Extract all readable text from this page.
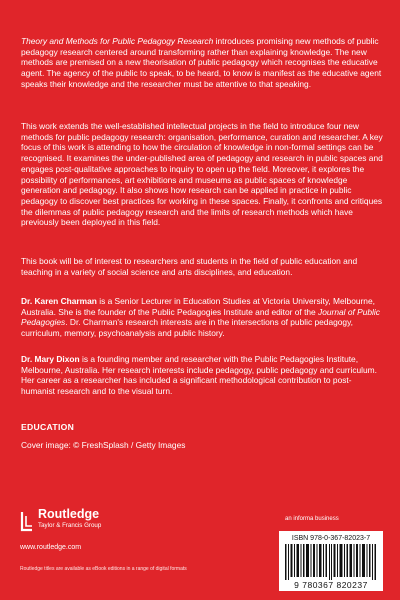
Theory and Methods for Public Pedagogy Research introduces promising new methods of public pedagogy research centered around transforming rather than explaining knowledge. The new methods are premised on a new theorisation of public pedagogy which recognises the educative agent. The agency of the public to speak, to be heard, to know is manifest as the educative agent speaks their knowledge and the researcher must be attentive to that speaking.

This work extends the well-established intellectual projects in the field to introduce four new methods for public pedagogy research: organisation, performance, curation and researcher. A key focus of this work is attending to how the circulation of knowledge in non-formal settings can be recognised. It examines the under-published area of pedagogy and research in public spaces and engages post-qualitative approaches to inquiry to open up the field. Moreover, it explores the possibility of performances, art exhibitions and museums as public spaces of knowledge generation and pedagogy. It also shows how research can be applied in practice in public pedagogy to discover best practices for working in these spaces. Finally, it confronts and critiques the dilemmas of public pedagogy research and the limits of research methods which have previously been deployed in this field.

This book will be of interest to researchers and students in the field of public education and teaching in a variety of social science and arts disciplines, and education.

Dr. Karen Charman is a Senior Lecturer in Education Studies at Victoria University, Melbourne, Australia. She is the founder of the Public Pedagogies Institute and editor of the Journal of Public Pedagogies. Dr. Charman's research interests are in the intersections of public pedagogy, curriculum, memory, psychoanalysis and public history.

Dr. Mary Dixon is a founding member and researcher with the Public Pedagogies Institute, Melbourne, Australia. Her research interests include pedagogy, public pedagogy and curriculum. Her career as a researcher has included a significant methodological contribution to post-humanist research and to the visual turn.

EDUCATION
Cover image: © FreshSplash / Getty Images
Routledge
Taylor & Francis Group
www.routledge.com
Routledge titles are available as eBook editions in a range of digital formats
an informa business
ISBN 978-0-367-82023-7
9 780367 820237
